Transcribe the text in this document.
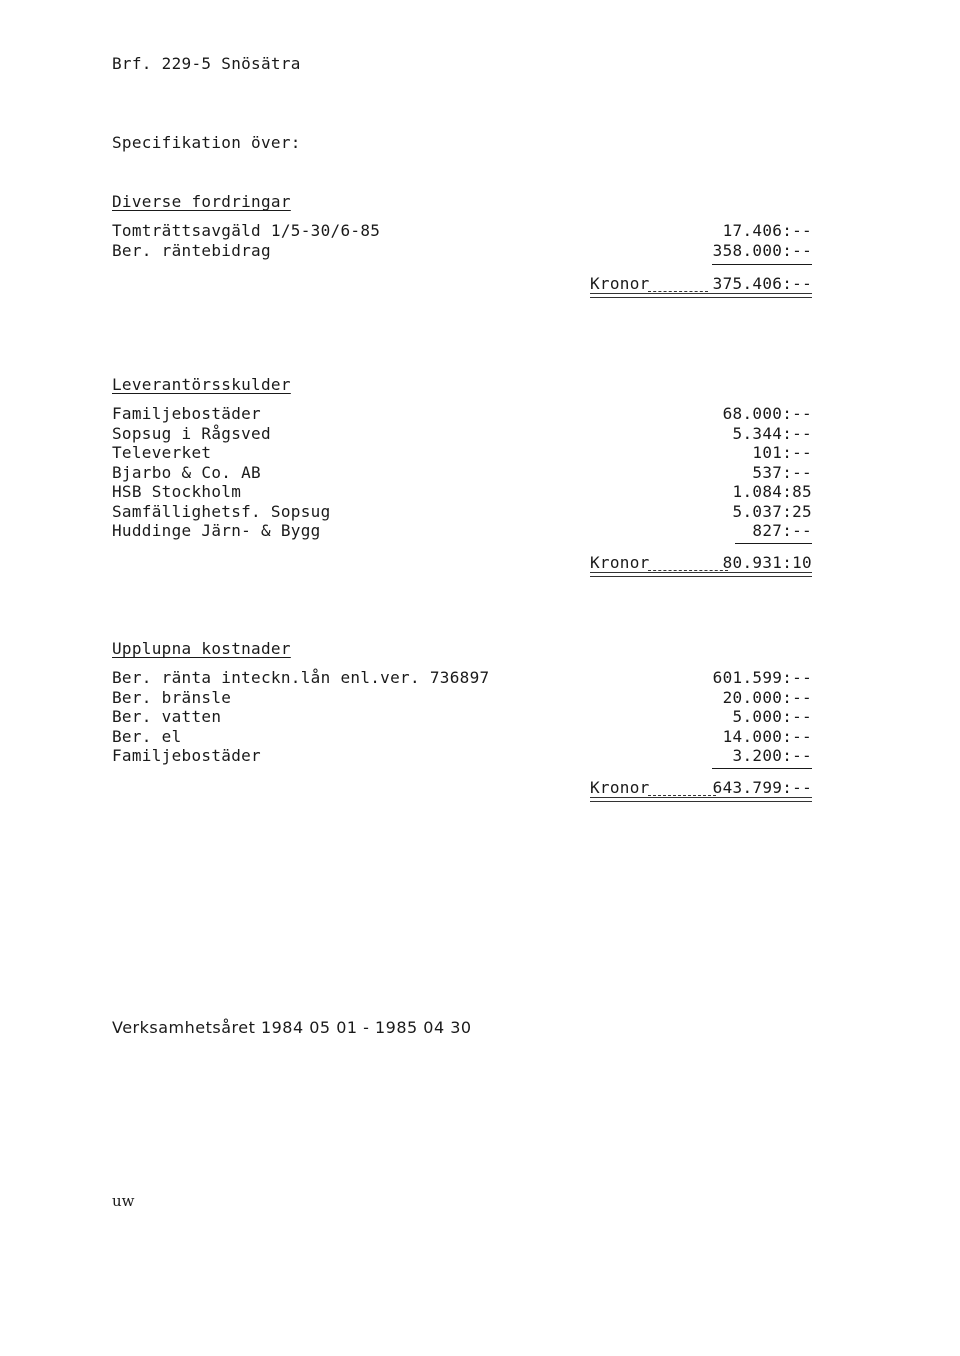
Brf. 229-5 Snösätra
Specifikation över:
Diverse fordringar
Tomträttsavgäld 1/5-30/6-85	17.406:--
Ber. räntebidrag	358.000:--
Kronor	375.406:--
Leverantörsskulder
Familjebostäder	68.000:--
Sopsug i Rågsved	5.344:--
Televerket	101:--
Bjarbo & Co. AB	537:--
HSB Stockholm	1.084:85
Samfällighetsf. Sopsug	5.037:25
Huddinge Järn- & Bygg	827:--
Kronor	80.931:10
Upplupna kostnader
Ber. ränta inteckn.lån enl.ver. 736897	601.599:--
Ber. bränsle	20.000:--
Ber. vatten	5.000:--
Ber. el	14.000:--
Familjebostäder	3.200:--
Kronor	643.799:--
Verksamhetsåret 1984 05 01 - 1985 04 30
uw
